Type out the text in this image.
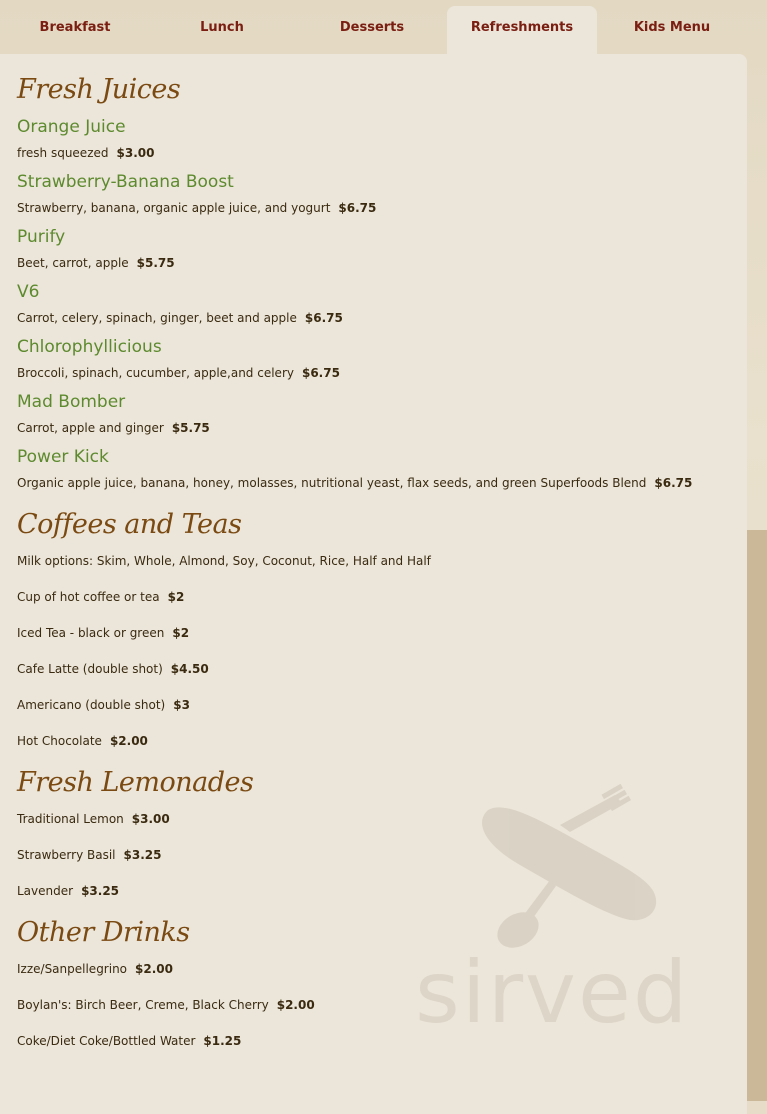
Breakfast	Lunch	Desserts	Refreshments	Kids Menu
Fresh Juices
Orange Juice
fresh squeezed $3.00
Strawberry-Banana Boost
Strawberry, banana, organic apple juice, and yogurt $6.75
Purify
Beet, carrot, apple $5.75
V6
Carrot, celery, spinach, ginger, beet and apple $6.75
Chlorophyllicious
Broccoli, spinach, cucumber, apple,and celery $6.75
Mad Bomber
Carrot, apple and ginger $5.75
Power Kick
Organic apple juice, banana, honey, molasses, nutritional yeast, flax seeds, and green Superfoods Blend $6.75
Coffees and Teas
Milk options: Skim, Whole, Almond, Soy, Coconut, Rice, Half and Half
Cup of hot coffee or tea $2
Iced Tea - black or green $2
Cafe Latte (double shot) $4.50
Americano (double shot) $3
Hot Chocolate $2.00
Fresh Lemonades
Traditional Lemon $3.00
Strawberry Basil $3.25
Lavender $3.25
Other Drinks
Izze/Sanpellegrino $2.00
Boylan's: Birch Beer, Creme, Black Cherry $2.00
Coke/Diet Coke/Bottled Water $1.25 sirved
